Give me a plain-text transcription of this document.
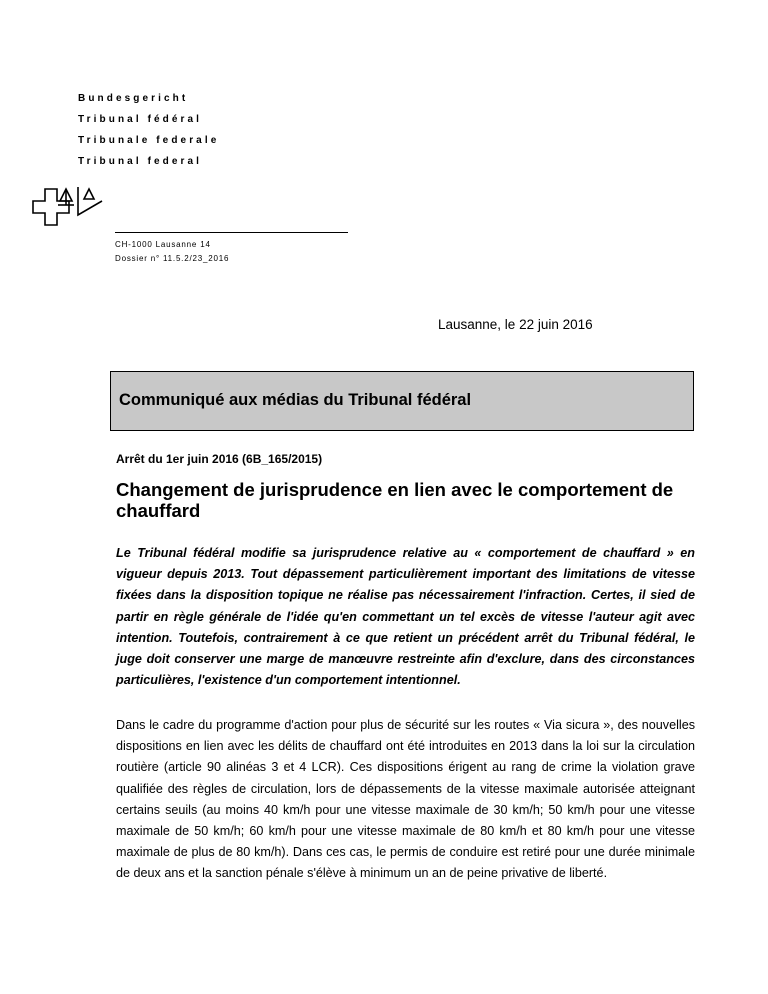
Bundesgericht
Tribunal fédéral
Tribunale federale
Tribunal federal
CH-1000 Lausanne 14
Dossier n° 11.5.2/23_2016
Lausanne, le 22 juin 2016
Communiqué aux médias du Tribunal fédéral
Arrêt du 1er juin 2016 (6B_165/2015)
Changement de jurisprudence en lien avec le comportement de chauffard
Le Tribunal fédéral modifie sa jurisprudence relative au « comportement de chauffard » en vigueur depuis 2013. Tout dépassement particulièrement important des limitations de vitesse fixées dans la disposition topique ne réalise pas nécessairement l'infraction. Certes, il sied de partir en règle générale de l'idée qu'en commettant un tel excès de vitesse l'auteur agit avec intention. Toutefois, contrairement à ce que retient un précédent arrêt du Tribunal fédéral, le juge doit conserver une marge de manœuvre restreinte afin d'exclure, dans des circonstances particulières, l'existence d'un comportement intentionnel.
Dans le cadre du programme d'action pour plus de sécurité sur les routes « Via sicura », des nouvelles dispositions en lien avec les délits de chauffard ont été introduites en 2013 dans la loi sur la circulation routière (article 90 alinéas 3 et 4 LCR). Ces dispositions érigent au rang de crime la violation grave qualifiée des règles de circulation, lors de dépassements de la vitesse maximale autorisée atteignant certains seuils (au moins 40 km/h pour une vitesse maximale de 30 km/h; 50 km/h pour une vitesse maximale de 50 km/h; 60 km/h pour une vitesse maximale de 80 km/h et 80 km/h pour une vitesse maximale de plus de 80 km/h). Dans ces cas, le permis de conduire est retiré pour une durée minimale de deux ans et la sanction pénale s'élève à minimum un an de peine privative de liberté.
